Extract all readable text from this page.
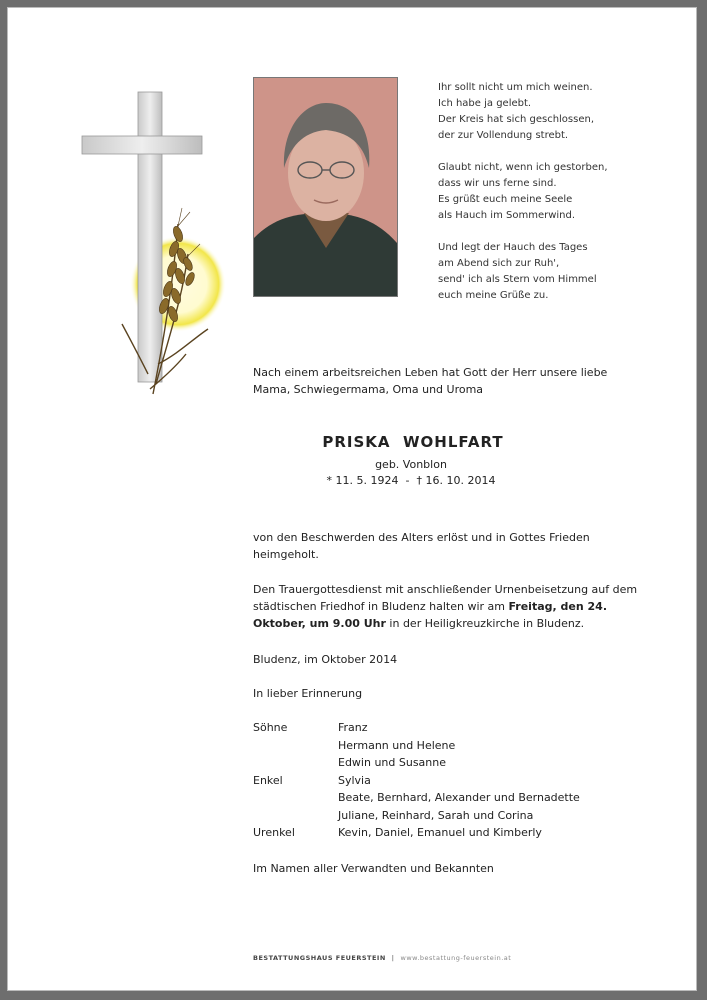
Ihr sollt nicht um mich weinen.
Ich habe ja gelebt.
Der Kreis hat sich geschlossen,
der zur Vollendung strebt.
Glaubt nicht, wenn ich gestorben,
dass wir uns ferne sind.
Es grüßt euch meine Seele
als Hauch im Sommerwind.
Und legt der Hauch des Tages
am Abend sich zur Ruh',
send' ich als Stern vom Himmel
euch meine Grüße zu.
Nach einem arbeitsreichen Leben hat Gott der Herr unsere liebe Mama, Schwiegermama, Oma und Uroma
PRISKA  WOHLFART
geb. Vonblon
* 11. 5. 1924  -  † 16. 10. 2014
von den Beschwerden des Alters erlöst und in Gottes Frieden heimgeholt.
Den Trauergottesdienst mit anschließender Urnenbeisetzung auf dem städtischen Friedhof in Bludenz halten wir am Freitag, den 24. Oktober, um 9.00 Uhr in der Heiligkreuzkirche in Bludenz.
Bludenz, im Oktober 2014
In lieber Erinnerung
Söhne	Franz
Hermann und Helene
Edwin und Susanne
Enkel	Sylvia
Beate, Bernhard, Alexander und Bernadette
Juliane, Reinhard, Sarah und Corina
Urenkel	Kevin, Daniel, Emanuel und Kimberly
Im Namen aller Verwandten und Bekannten
BESTATTUNGSHAUS FEUERSTEIN | www.bestattung-feuerstein.at
